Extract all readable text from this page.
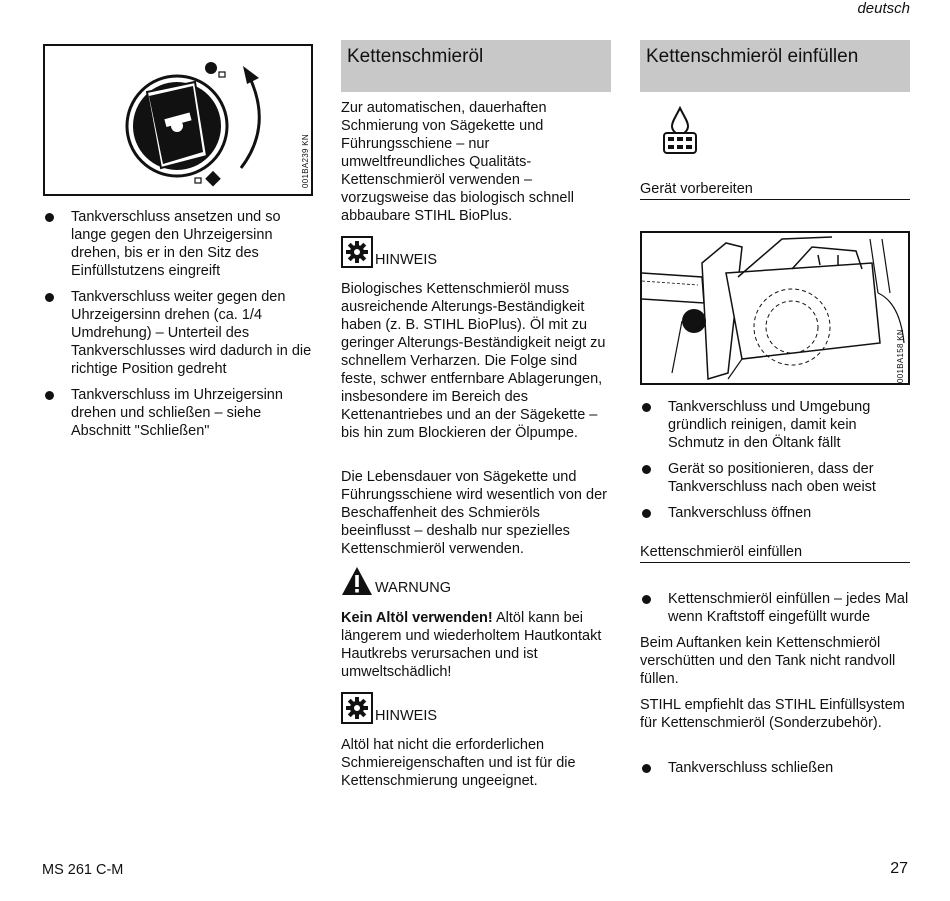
deutsch
001BA239 KN
Tankverschluss ansetzen und so lange gegen den Uhrzeigersinn drehen, bis er in den Sitz des Einfüllstutzens eingreift
Tankverschluss weiter gegen den Uhrzeigersinn drehen (ca. 1/4 Umdrehung) – Unterteil des Tankverschlusses wird dadurch in die richtige Position gedreht
Tankverschluss im Uhrzeigersinn drehen und schließen – siehe Abschnitt "Schließen"
Kettenschmieröl

Zur automatischen, dauerhaften Schmierung von Sägekette und Führungsschiene – nur umweltfreundliches Qualitäts-Kettenschmieröl verwenden – vorzugsweise das biologisch schnell abbaubare STIHL BioPlus.

HINWEIS

Biologisches Kettenschmieröl muss ausreichende Alterungs-Beständigkeit haben (z. B. STIHL BioPlus). Öl mit zu geringer Alterungs-Beständigkeit neigt zu schnellem Verharzen. Die Folge sind feste, schwer entfernbare Ablagerungen, insbesondere im Bereich des Kettenantriebes und an der Sägekette – bis hin zum Blockieren der Ölpumpe.

Die Lebensdauer von Sägekette und Führungsschiene wird wesentlich von der Beschaffenheit des Schmieröls beeinflusst – deshalb nur spezielles Kettenschmieröl verwenden.

WARNUNG

Kein Altöl verwenden! Altöl kann bei längerem und wiederholtem Hautkontakt Hautkrebs verursachen und ist umweltschädlich!

HINWEIS

Altöl hat nicht die erforderlichen Schmiereigenschaften und ist für die Kettenschmierung ungeeignet.

Kettenschmieröl einfüllen
Gerät vorbereiten
001BA158 KN
Tankverschluss und Umgebung gründlich reinigen, damit kein Schmutz in den Öltank fällt
Gerät so positionieren, dass der Tankverschluss nach oben weist
Tankverschluss öffnen
Kettenschmieröl einfüllen
Kettenschmieröl einfüllen – jedes Mal wenn Kraftstoff eingefüllt wurde

Beim Auftanken kein Kettenschmieröl verschütten und den Tank nicht randvoll füllen.

STIHL empfiehlt das STIHL Einfüllsystem für Kettenschmieröl (Sonderzubehör).

Tankverschluss schließen
MS 261 C-M	27
